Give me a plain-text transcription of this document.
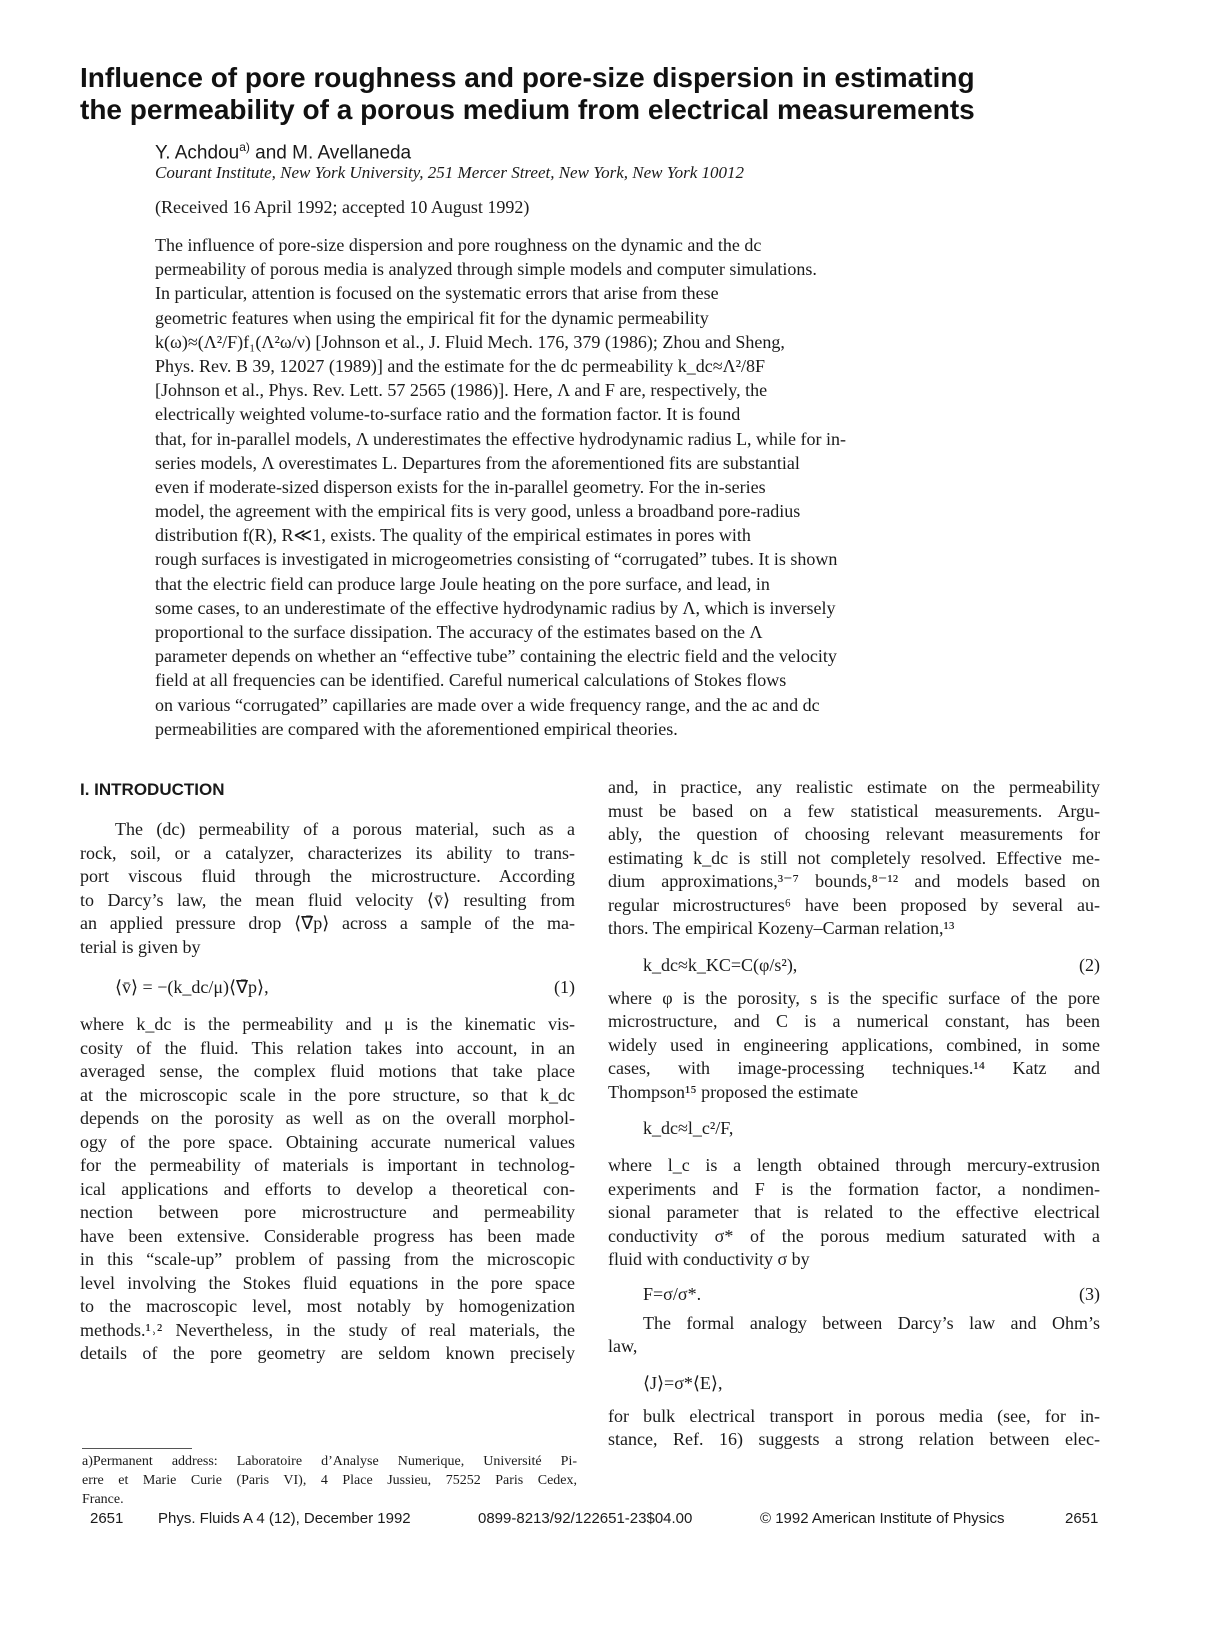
Influence of pore roughness and pore-size dispersion in estimating
the permeability of a porous medium from electrical measurements
Y. Achdou$^{a)}$ and M. Avellaneda
Courant Institute, New York University, 251 Mercer Street, New York, New York 10012
(Received 16 April 1992; accepted 10 August 1992)
The influence of pore-size dispersion and pore roughness on the dynamic and the dc
permeability of porous media is analyzed through simple models and computer simulations.
In particular, attention is focused on the systematic errors that arise from these
geometric features when using the empirical fit for the dynamic permeability
k(ω)≈(Λ²/F)f₁(Λ²ω/ν) [Johnson et al., J. Fluid Mech. 176, 379 (1986); Zhou and Sheng,
Phys. Rev. B 39, 12027 (1989)] and the estimate for the dc permeability k_dc≈Λ²/8F
[Johnson et al., Phys. Rev. Lett. 57 2565 (1986)]. Here, Λ and F are, respectively, the
electrically weighted volume-to-surface ratio and the formation factor. It is found
that, for in-parallel models, Λ underestimates the effective hydrodynamic radius L, while for in-
series models, Λ overestimates L. Departures from the aforementioned fits are substantial
even if moderate-sized disperson exists for the in-parallel geometry. For the in-series
model, the agreement with the empirical fits is very good, unless a broadband pore-radius
distribution f(R), R≪1, exists. The quality of the empirical estimates in pores with
rough surfaces is investigated in microgeometries consisting of “corrugated” tubes. It is shown
that the electric field can produce large Joule heating on the pore surface, and lead, in
some cases, to an underestimate of the effective hydrodynamic radius by Λ, which is inversely
proportional to the surface dissipation. The accuracy of the estimates based on the Λ
parameter depends on whether an “effective tube” containing the electric field and the velocity
field at all frequencies can be identified. Careful numerical calculations of Stokes flows
on various “corrugated” capillaries are made over a wide frequency range, and the ac and dc
permeabilities are compared with the aforementioned empirical theories.
I. INTRODUCTION
The (dc) permeability of a porous material, such as a
rock, soil, or a catalyzer, characterizes its ability to trans-
port viscous fluid through the microstructure. According
to Darcy’s law, the mean fluid velocity ⟨v̄⟩ resulting from
an applied pressure drop ⟨∇̄p⟩ across a sample of the ma-
terial is given by
⟨v̄⟩ = −(k_dc/μ)⟨∇̄p⟩,	(1)
where k_dc is the permeability and μ is the kinematic vis-
cosity of the fluid. This relation takes into account, in an
averaged sense, the complex fluid motions that take place
at the microscopic scale in the pore structure, so that k_dc
depends on the porosity as well as on the overall morphol-
ogy of the pore space. Obtaining accurate numerical values
for the permeability of materials is important in technolog-
ical applications and efforts to develop a theoretical con-
nection between pore microstructure and permeability
have been extensive. Considerable progress has been made
in this “scale-up” problem of passing from the microscopic
level involving the Stokes fluid equations in the pore space
to the macroscopic level, most notably by homogenization
methods.¹˒² Nevertheless, in the study of real materials, the
details of the pore geometry are seldom known precisely
and, in practice, any realistic estimate on the permeability
must be based on a few statistical measurements. Argu-
ably, the question of choosing relevant measurements for
estimating k_dc is still not completely resolved. Effective me-
dium approximations,³⁻⁷ bounds,⁸⁻¹² and models based on
regular microstructures⁶ have been proposed by several au-
thors. The empirical Kozeny–Carman relation,¹³
k_dc≈k_KC=C(φ/s²),	(2)
where φ is the porosity, s is the specific surface of the pore
microstructure, and C is a numerical constant, has been
widely used in engineering applications, combined, in some
cases, with image-processing techniques.¹⁴ Katz and
Thompson¹⁵ proposed the estimate
k_dc≈l_c²/F,
where l_c is a length obtained through mercury-extrusion
experiments and F is the formation factor, a nondimen-
sional parameter that is related to the effective electrical
conductivity σ* of the porous medium saturated with a
fluid with conductivity σ by
F=σ/σ*.	(3)
The formal analogy between Darcy’s law and Ohm’s
law,
⟨J⟩=σ*⟨E⟩,
for bulk electrical transport in porous media (see, for in-
stance, Ref. 16) suggests a strong relation between elec-
a)Permanent address: Laboratoire d’Analyse Numerique, Université Pi-
erre et Marie Curie (Paris VI), 4 Place Jussieu, 75252 Paris Cedex,
France.
2651 Phys. Fluids A 4 (12), December 1992	0899-8213/92/122651-23$04.00	© 1992 American Institute of Physics	2651
